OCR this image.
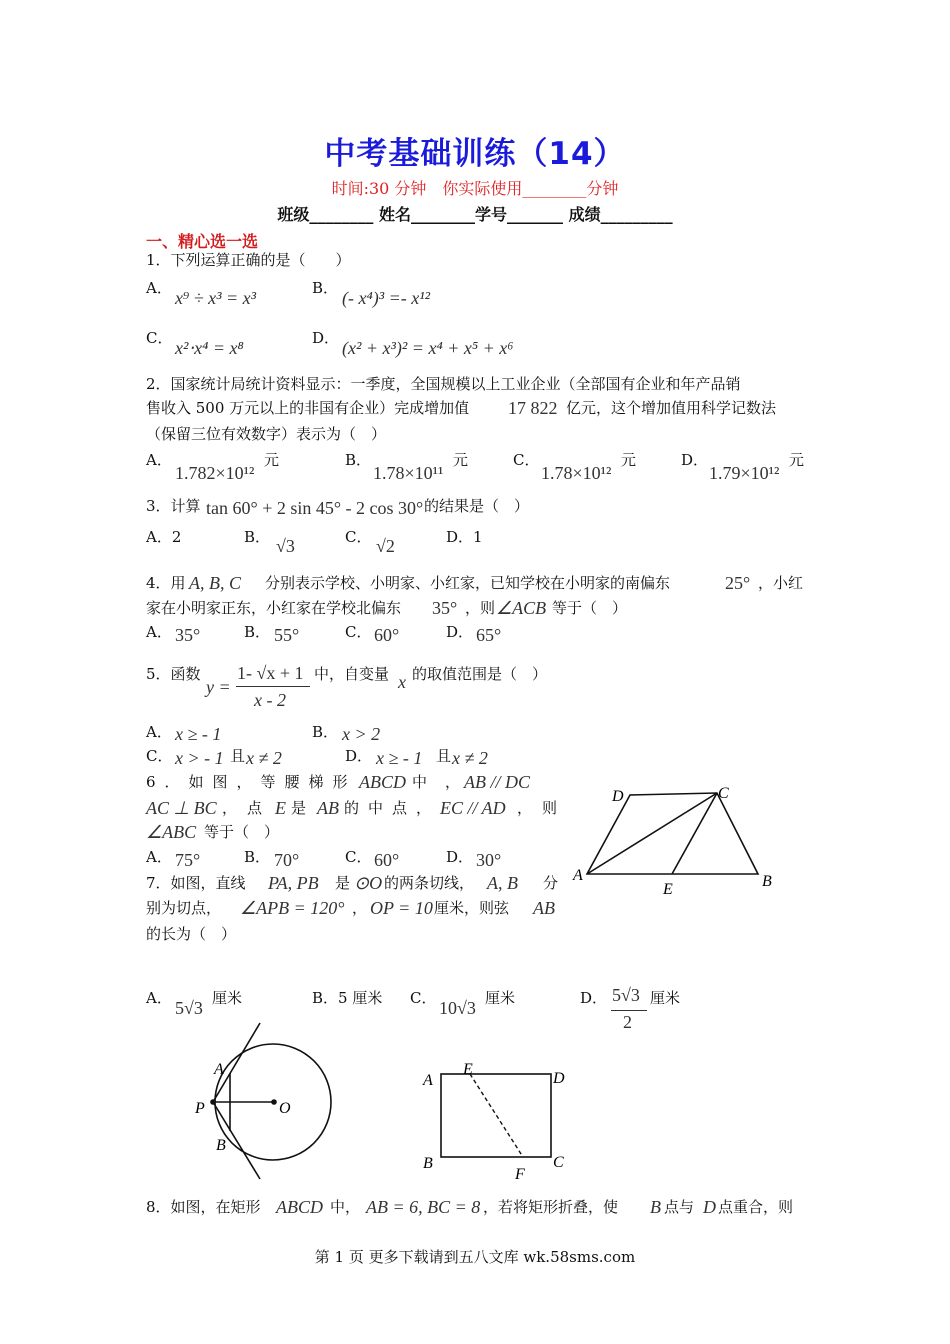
中考基础训练（14）
时间:30 分钟　你实际使用________分钟
班级________ 姓名________学号_______ 成绩_________
一、精心选一选
1．下列运算正确的是（　　）
A． x⁹ ÷ x³ = x³	B． (- x⁴)³ =- x¹²
C． x²⋅x⁴ = x⁸	D． (x² + x³)² = x⁴ + x⁵ + x⁶
2．国家统计局统计资料显示：一季度，全国规模以上工业企业（全部国有企业和年产品销
售收入 500 万元以上的非国有企业）完成增加值 17 822 亿元，这个增加值用科学记数法
（保留三位有效数字）表示为（　）
A．
1.782×10¹²
元	B．
1.78×10¹¹
元	C．
1.78×10¹²
元	D．
1.79×10¹²
元
3．计算 tan 60° + 2 sin 45° - 2 cos 30° 的结果是（　）
A．2	B． √3	C． √2	D．1
4．用 A, B, C 分别表示学校、小明家、小红家，已知学校在小明家的南偏东	25° ，小红
家在小明家正东，小红家在学校北偏东 35° ，则 ∠ACB 等于（　）
A． 35°	B． 55°	C． 60°	D． 65°
5．函数
y =
1- √x + 1
x - 2
中，自变量 x 的取值范围是（　）
A． x ≥ - 1	B． x > 2
C． x > - 1 且 x ≠ 2	D． x ≥ - 1 且 x ≠ 2
6．如图，等腰梯形 ABCD 中，
AB // DC
AC ⊥ BC ，点 E 是 AB 的中点， EC // AD ，则
∠ABC 等于（　）
A． 75°	B． 70°	C． 60°	D． 30°
D	C
A
E	B
7．如图，直线 PA, PB 是 ⊙O 的两条切线， A, B 分
别为切点， ∠APB = 120° ， OP = 10 厘米，则弦 AB
的长为（　）
A． 5√3 厘米	B．5 厘米 C． 10√3 厘米	D． 5√3
2
厘米
A
P	O
B
A
E
D
B
F
C
8．如图，在矩形 ABCD 中， AB = 6, BC = 8 ，若将矩形折叠，使 B 点与 D 点重合，则
第 1 页 更多下载请到五八文库 wk.58sms.com
